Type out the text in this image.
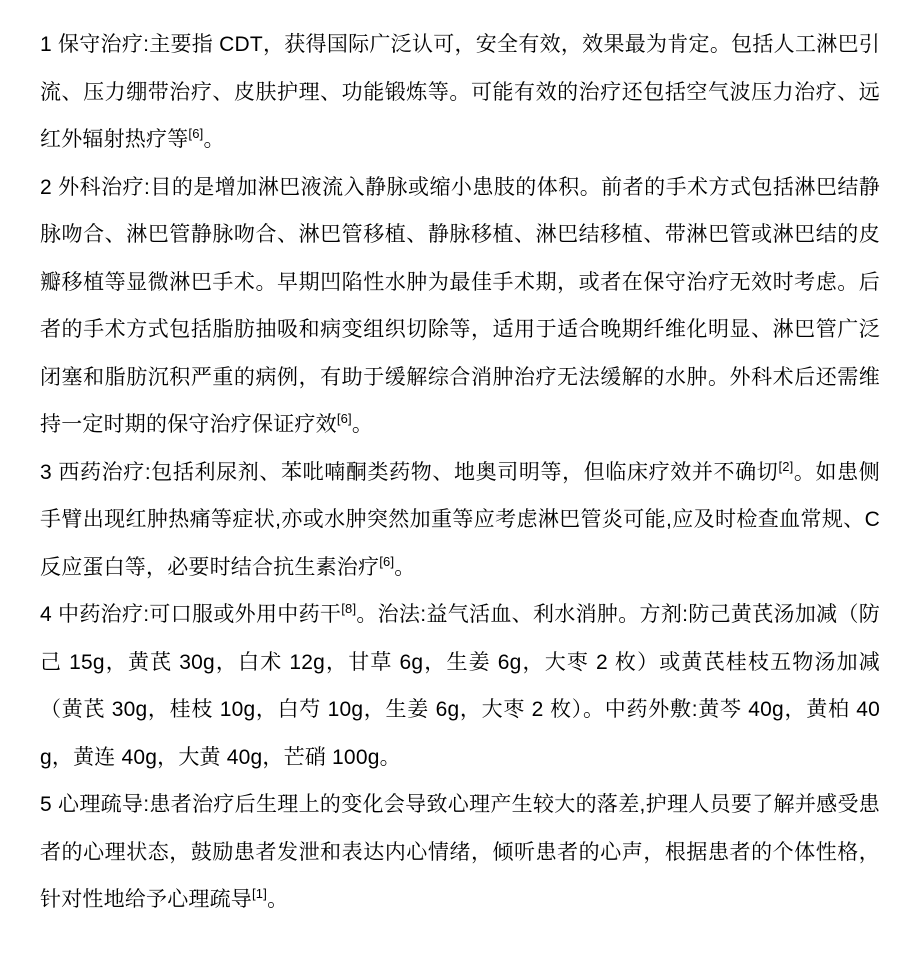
1 保守治疗:主要指 CDT，获得国际广泛认可，安全有效，效果最为肯定。包括人工淋巴引流、压力绷带治疗、皮肤护理、功能锻炼等。可能有效的治疗还包括空气波压力治疗、远红外辐射热疗等[6]。

2 外科治疗:目的是增加淋巴液流入静脉或缩小患肢的体积。前者的手术方式包括淋巴结静脉吻合、淋巴管静脉吻合、淋巴管移植、静脉移植、淋巴结移植、带淋巴管或淋巴结的皮瓣移植等显微淋巴手术。早期凹陷性水肿为最佳手术期，或者在保守治疗无效时考虑。后者的手术方式包括脂肪抽吸和病变组织切除等，适用于适合晚期纤维化明显、淋巴管广泛闭塞和脂肪沉积严重的病例，有助于缓解综合消肿治疗无法缓解的水肿。外科术后还需维持一定时期的保守治疗保证疗效[6]。

3 西药治疗:包括利尿剂、苯吡喃酮类药物、地奥司明等，但临床疗效并不确切[2]。如患侧手臂出现红肿热痛等症状,亦或水肿突然加重等应考虑淋巴管炎可能,应及时检查血常规、C 反应蛋白等，必要时结合抗生素治疗[6]。

4 中药治疗:可口服或外用中药干[8]。治法:益气活血、利水消肿。方剂:防己黄芪汤加减（防己 15g，黄芪 30g，白术 12g，甘草 6g，生姜 6g，大枣 2 枚）或黄芪桂枝五物汤加减（黄芪 30g，桂枝 10g，白芍 10g，生姜 6g，大枣 2 枚）。中药外敷:黄芩 40g，黄柏 40g，黄连 40g，大黄 40g，芒硝 100g。

5 心理疏导:患者治疗后生理上的变化会导致心理产生较大的落差,护理人员要了解并感受患者的心理状态，鼓励患者发泄和表达内心情绪，倾听患者的心声，根据患者的个体性格，针对性地给予心理疏导[1]。
